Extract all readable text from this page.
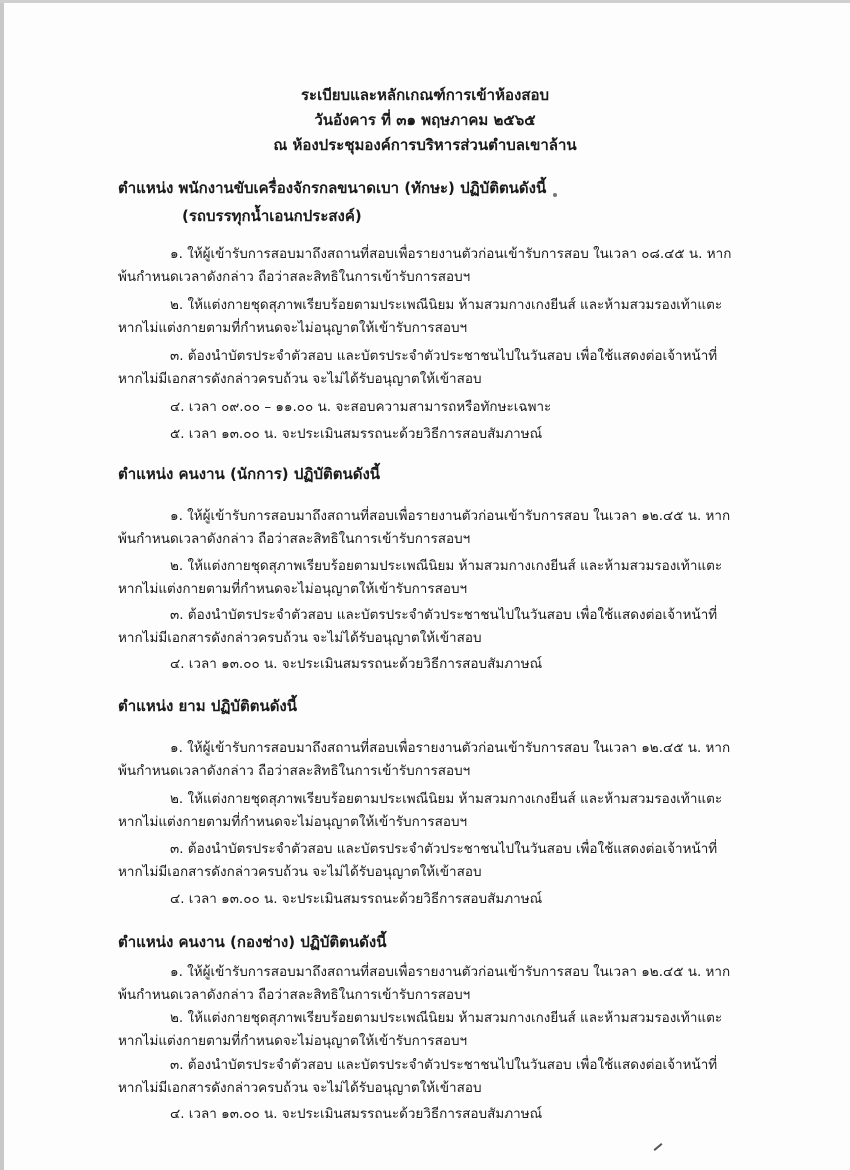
ระเบียบและหลักเกณฑ์การเข้าห้องสอบ
วันอังคาร ที่ ๓๑ พฤษภาคม ๒๕๖๕
ณ ห้องประชุมองค์การบริหารส่วนตำบลเขาล้าน
ตำแหน่ง พนักงานขับเครื่องจักรกลขนาดเบา (ทักษะ) ปฏิบัติตนดังนี้
(รถบรรทุกน้ำเอนกประสงค์)
๑. ให้ผู้เข้ารับการสอบมาถึงสถานที่สอบเพื่อรายงานตัวก่อนเข้ารับการสอบ ในเวลา ๐๘.๔๕ น. หาก
พ้นกำหนดเวลาดังกล่าว ถือว่าสละสิทธิในการเข้ารับการสอบฯ
๒. ให้แต่งกายชุดสุภาพเรียบร้อยตามประเพณีนิยม ห้ามสวมกางเกงยีนส์ และห้ามสวมรองเท้าแตะ
หากไม่แต่งกายตามที่กำหนดจะไม่อนุญาตให้เข้ารับการสอบฯ
๓. ต้องนำบัตรประจำตัวสอบ และบัตรประจำตัวประชาชนไปในวันสอบ เพื่อใช้แสดงต่อเจ้าหน้าที่
หากไม่มีเอกสารดังกล่าวครบถ้วน จะไม่ได้รับอนุญาตให้เข้าสอบ
๔. เวลา ๐๙.๐๐ – ๑๑.๐๐ น. จะสอบความสามารถหรือทักษะเฉพาะ
๕. เวลา ๑๓.๐๐ น. จะประเมินสมรรถนะด้วยวิธีการสอบสัมภาษณ์
ตำแหน่ง คนงาน (นักการ) ปฏิบัติตนดังนี้
๑. ให้ผู้เข้ารับการสอบมาถึงสถานที่สอบเพื่อรายงานตัวก่อนเข้ารับการสอบ ในเวลา ๑๒.๔๕ น. หาก
พ้นกำหนดเวลาดังกล่าว ถือว่าสละสิทธิในการเข้ารับการสอบฯ
๒. ให้แต่งกายชุดสุภาพเรียบร้อยตามประเพณีนิยม ห้ามสวมกางเกงยีนส์ และห้ามสวมรองเท้าแตะ
หากไม่แต่งกายตามที่กำหนดจะไม่อนุญาตให้เข้ารับการสอบฯ
๓. ต้องนำบัตรประจำตัวสอบ และบัตรประจำตัวประชาชนไปในวันสอบ เพื่อใช้แสดงต่อเจ้าหน้าที่
หากไม่มีเอกสารดังกล่าวครบถ้วน จะไม่ได้รับอนุญาตให้เข้าสอบ
๔. เวลา ๑๓.๐๐ น. จะประเมินสมรรถนะด้วยวิธีการสอบสัมภาษณ์
ตำแหน่ง ยาม ปฏิบัติตนดังนี้
๑. ให้ผู้เข้ารับการสอบมาถึงสถานที่สอบเพื่อรายงานตัวก่อนเข้ารับการสอบ ในเวลา ๑๒.๔๕ น. หาก
พ้นกำหนดเวลาดังกล่าว ถือว่าสละสิทธิในการเข้ารับการสอบฯ
๒. ให้แต่งกายชุดสุภาพเรียบร้อยตามประเพณีนิยม ห้ามสวมกางเกงยีนส์ และห้ามสวมรองเท้าแตะ
หากไม่แต่งกายตามที่กำหนดจะไม่อนุญาตให้เข้ารับการสอบฯ
๓. ต้องนำบัตรประจำตัวสอบ และบัตรประจำตัวประชาชนไปในวันสอบ เพื่อใช้แสดงต่อเจ้าหน้าที่
หากไม่มีเอกสารดังกล่าวครบถ้วน จะไม่ได้รับอนุญาตให้เข้าสอบ
๔. เวลา ๑๓.๐๐ น. จะประเมินสมรรถนะด้วยวิธีการสอบสัมภาษณ์
ตำแหน่ง คนงาน (กองช่าง) ปฏิบัติตนดังนี้
๑. ให้ผู้เข้ารับการสอบมาถึงสถานที่สอบเพื่อรายงานตัวก่อนเข้ารับการสอบ ในเวลา ๑๒.๔๕ น. หาก
พ้นกำหนดเวลาดังกล่าว ถือว่าสละสิทธิในการเข้ารับการสอบฯ
๒. ให้แต่งกายชุดสุภาพเรียบร้อยตามประเพณีนิยม ห้ามสวมกางเกงยีนส์ และห้ามสวมรองเท้าแตะ
หากไม่แต่งกายตามที่กำหนดจะไม่อนุญาตให้เข้ารับการสอบฯ
๓. ต้องนำบัตรประจำตัวสอบ และบัตรประจำตัวประชาชนไปในวันสอบ เพื่อใช้แสดงต่อเจ้าหน้าที่
หากไม่มีเอกสารดังกล่าวครบถ้วน จะไม่ได้รับอนุญาตให้เข้าสอบ
๔. เวลา ๑๓.๐๐ น. จะประเมินสมรรถนะด้วยวิธีการสอบสัมภาษณ์
